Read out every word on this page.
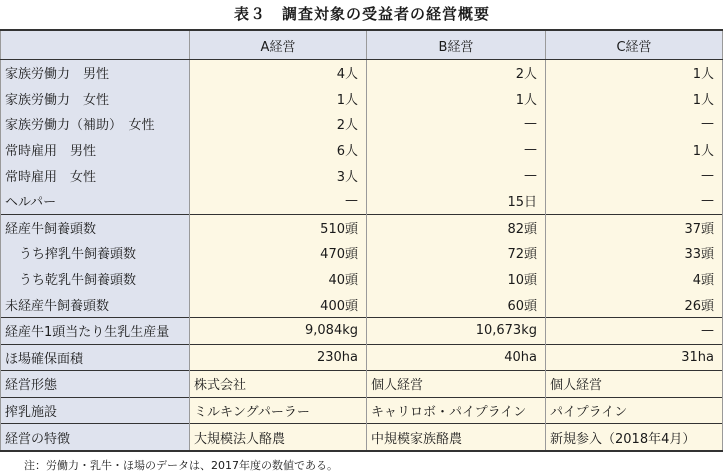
表３　調査対象の受益者の経営概要
	A経営	B経営	C経営
家族労働力　男性	4人	2人	1人
家族労働力　女性	1人	1人	1人
家族労働力（補助）　女性	2人	—	—
常時雇用　男性	6人	—	1人
常時雇用　女性	3人	—	—
ヘルパー	—	15日	—
経産牛飼養頭数	510頭	82頭	37頭
うち搾乳牛飼養頭数	470頭	72頭	33頭
うち乾乳牛飼養頭数	40頭	10頭	4頭
未経産牛飼養頭数	400頭	60頭	26頭
経産牛1頭当たり生乳生産量	9,084kg	10,673kg	—
ほ場確保面積	230ha	40ha	31ha
経営形態	株式会社	個人経営	個人経営
搾乳施設	ミルキングパーラー	キャリロボ・パイプライン	パイプライン
経営の特徴	大規模法人酪農	中規模家族酪農	新規参入（2018年4月）
注：労働力・乳牛・ほ場のデータは、2017年度の数値である。
